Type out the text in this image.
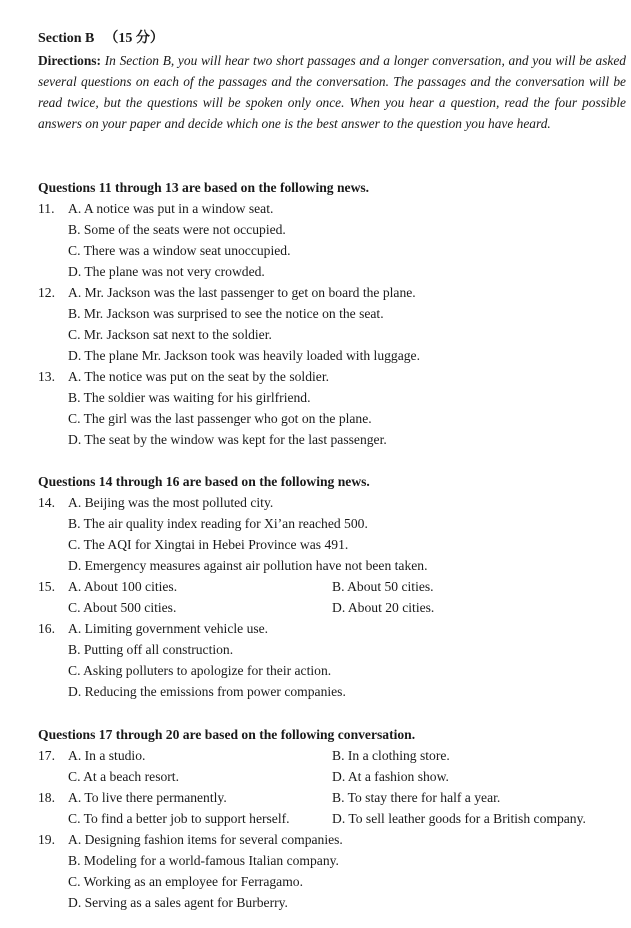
Section B （15 分）
Directions: In Section B, you will hear two short passages and a longer conversation, and you will be asked several questions on each of the passages and the conversation. The passages and the conversation will be read twice, but the questions will be spoken only once. When you hear a question, read the four possible answers on your paper and decide which one is the best answer to the question you have heard.
Questions 11 through 13 are based on the following news.
11. A. A notice was put in a window seat.
B. Some of the seats were not occupied.
C. There was a window seat unoccupied.
D. The plane was not very crowded.
12. A. Mr. Jackson was the last passenger to get on board the plane.
B. Mr. Jackson was surprised to see the notice on the seat.
C. Mr. Jackson sat next to the soldier.
D. The plane Mr. Jackson took was heavily loaded with luggage.
13. A. The notice was put on the seat by the soldier.
B. The soldier was waiting for his girlfriend.
C. The girl was the last passenger who got on the plane.
D. The seat by the window was kept for the last passenger.
Questions 14 through 16 are based on the following news.
14. A. Beijing was the most polluted city.
B. The air quality index reading for Xi’an reached 500.
C. The AQI for Xingtai in Hebei Province was 491.
D. Emergency measures against air pollution have not been taken.
15. A. About 100 cities.	B. About 50 cities.
C. About 500 cities.	D. About 20 cities.
16. A. Limiting government vehicle use.
B. Putting off all construction.
C. Asking polluters to apologize for their action.
D. Reducing the emissions from power companies.
Questions 17 through 20 are based on the following conversation.
17. A. In a studio.	B. In a clothing store.
C. At a beach resort.	D. At a fashion show.
18. A. To live there permanently.	B. To stay there for half a year.
C. To find a better job to support herself.	D. To sell leather goods for a British company.
19. A. Designing fashion items for several companies.
B. Modeling for a world-famous Italian company.
C. Working as an employee for Ferragamo.
D. Serving as a sales agent for Burberry.
